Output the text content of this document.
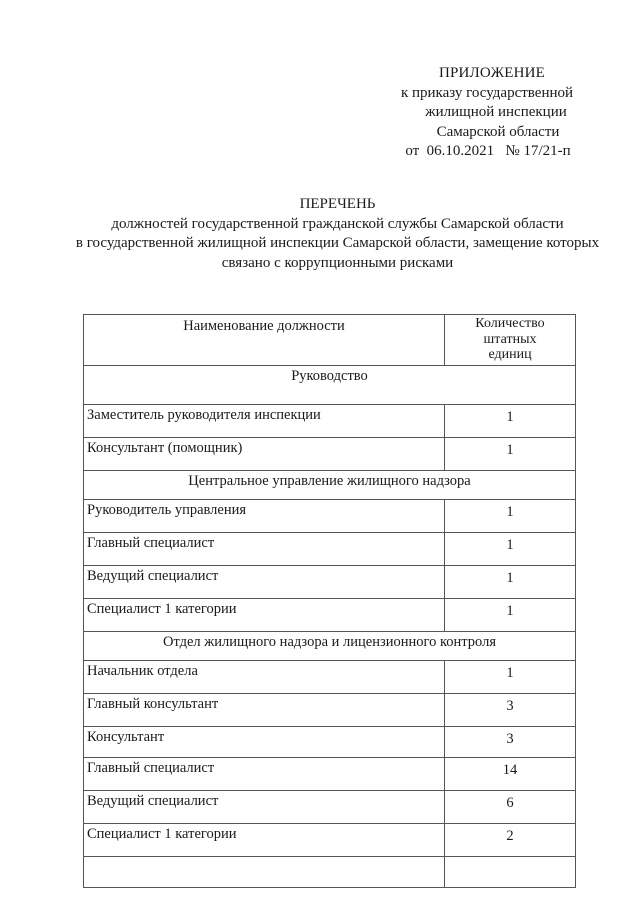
ПРИЛОЖЕНИЕ
к приказу государственной
жилищной инспекции
Самарской области
от 06.10.2021 № 17/21-п
ПЕРЕЧЕНЬ
должностей государственной гражданской службы Самарской области
в государственной жилищной инспекции Самарской области, замещение которых
связано с коррупционными рисками
Наименование должности	Количество
штатных
единиц

Руководство	
Заместитель руководителя инспекции	1
Консультант (помощник)	1
Центральное управление жилищного надзора	
Руководитель управления	1
Главный специалист	1
Ведущий специалист	1
Специалист 1 категории	1
Отдел жилищного надзора и лицензионного контроля	
Начальник отдела	1
Главный консультант	3
Консультант	3
Главный специалист	14
Ведущий специалист	6
Специалист 1 категории	2
